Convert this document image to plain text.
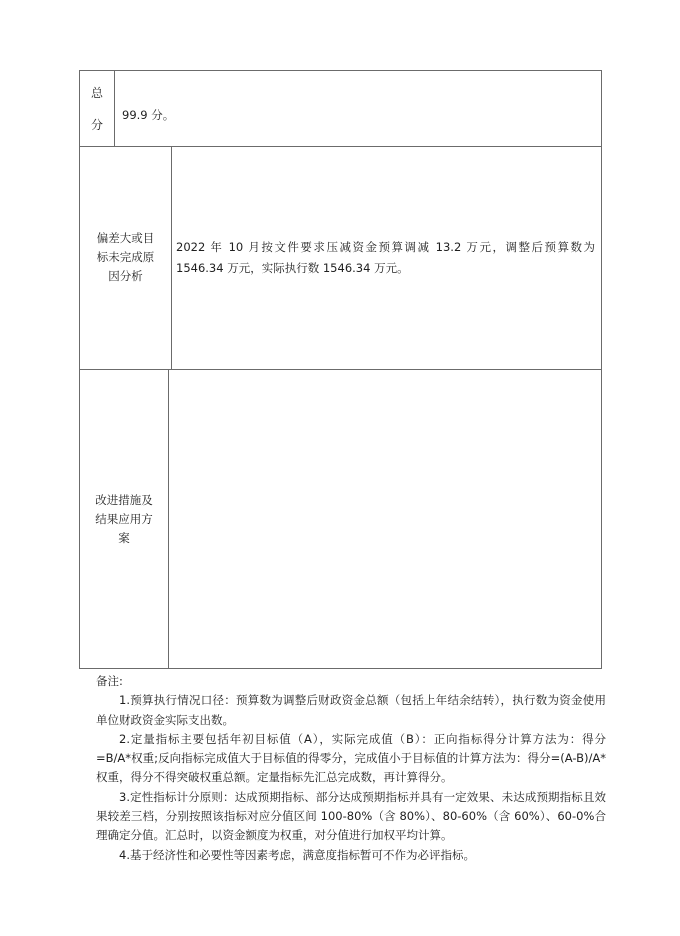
总分
99.9 分。
偏差大或目标未完成原因分析
2022 年 10 月按文件要求压减资金预算调减 13.2 万元，调整后预算数为 1546.34 万元，实际执行数 1546.34 万元。
改进措施及结果应用方案

备注:

1.预算执行情况口径：预算数为调整后财政资金总额（包括上年结余结转），执行数为资金使用单位财政资金实际支出数。

2.定量指标主要包括年初目标值（A），实际完成值（B）：正向指标得分计算方法为：得分=B/A*权重;反向指标完成值大于目标值的得零分，完成值小于目标值的计算方法为：得分=(A-B)/A*权重，得分不得突破权重总额。定量指标先汇总完成数，再计算得分。

3.定性指标计分原则：达成预期指标、部分达成预期指标并具有一定效果、未达成预期指标且效果较差三档，分别按照该指标对应分值区间 100-80%（含 80%）、80-60%（含 60%）、60-0%合理确定分值。汇总时，以资金额度为权重，对分值进行加权平均计算。

4.基于经济性和必要性等因素考虑，满意度指标暂可不作为必评指标。
